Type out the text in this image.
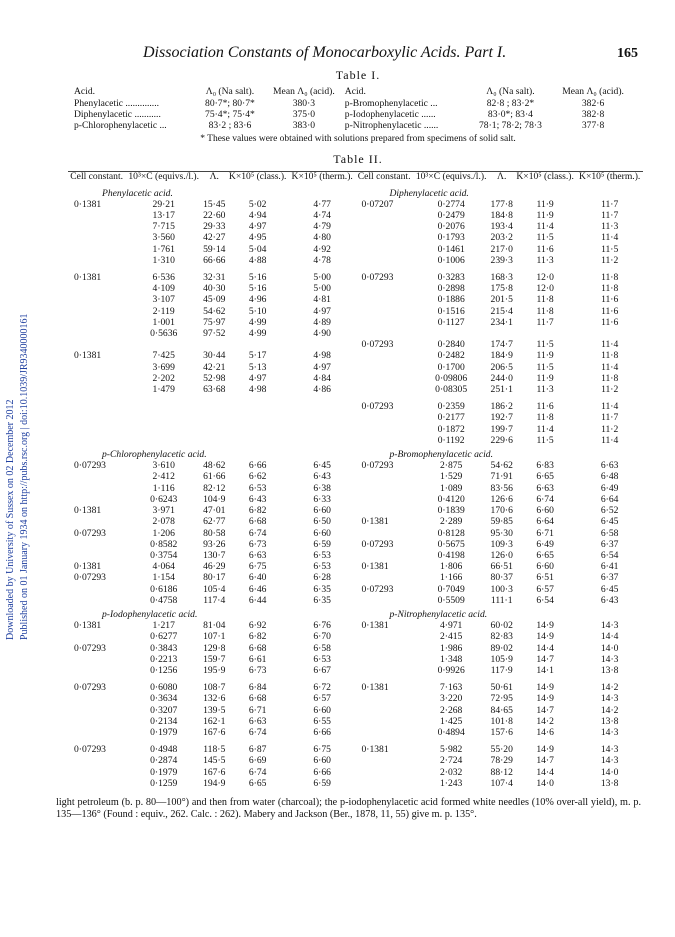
Downloaded by University of Sussex on 02 December 2012 Published on 01 January 1934 on http://pubs.rsc.org | doi:10.1039/JR9340000161
Dissociation Constants of Monocarboxylic Acids. Part I.	165
Table I.
Acid.	Λ₀ (Na salt).	Mean Λ₀ (acid).	Acid.	Λ₀ (Na salt).	Mean Λ₀ (acid).
Phenylacetic ..............	80·7*; 80·7*	380·3	p-Bromophenylacetic ...	82·8 ; 83·2*	382·6
Diphenylacetic ...........	75·4*; 75·4*	375·0	p-Iodophenylacetic ......	83·0*; 83·4	382·8
p-Chlorophenylacetic ...	83·2 ; 83·6	383·0	p-Nitrophenylacetic ......	78·1; 78·2; 78·3	377·8
* These values were obtained with solutions prepared from specimens of solid salt.
Table II.
Cell constant.	10³×C (equivs./l.).	Λ.	K×10⁵ (class.).	K×10⁵ (therm.).	Cell constant.	10³×C (equivs./l.).	Λ.	K×10⁵ (class.).	K×10⁵ (therm.).
Phenylacetic acid.					Diphenylacetic acid.				
0·1381	29·21	15·45	5·02	4·77	0·07207	0·2774	177·8	11·9	11·7
	13·17	22·60	4·94	4·74		0·2479	184·8	11·9	11·7
	7·715	29·33	4·97	4·79		0·2076	193·4	11·4	11·3
	3·560	42·27	4·95	4·80		0·1793	203·2	11·5	11·4
	1·761	59·14	5·04	4·92		0·1461	217·0	11·6	11·5
	1·310	66·66	4·88	4·78		0·1006	239·3	11·3	11·2

0·1381	6·536	32·31	5·16	5·00	0·07293	0·3283	168·3	12·0	11·8
	4·109	40·30	5·16	5·00		0·2898	175·8	12·0	11·8
	3·107	45·09	4·96	4·81		0·1886	201·5	11·8	11·6
	2·119	54·62	5·10	4·97		0·1516	215·4	11·8	11·6
	1·001	75·97	4·99	4·89		0·1127	234·1	11·7	11·6
	0·5636	97·52	4·99	4·90					
					0·07293	0·2840	174·7	11·5	11·4
0·1381	7·425	30·44	5·17	4·98		0·2482	184·9	11·9	11·8
	3·699	42·21	5·13	4·97		0·1700	206·5	11·5	11·4
	2·202	52·98	4·97	4·84		0·09806	244·0	11·9	11·8
	1·479	63·68	4·98	4·86		0·08305	251·1	11·3	11·2

					0·07293	0·2359	186·2	11·6	11·4
						0·2177	192·7	11·8	11·7
						0·1872	199·7	11·4	11·2
						0·1192	229·6	11·5	11·4
p-Chlorophenylacetic acid.					p-Bromophenylacetic acid.				
0·07293	3·610	48·62	6·66	6·45	0·07293	2·875	54·62	6·83	6·63
	2·412	61·66	6·62	6·43		1·529	71·91	6·65	6·48
	1·116	82·12	6·53	6·38		1·089	83·56	6·63	6·49
	0·6243	104·9	6·43	6·33		0·4120	126·6	6·74	6·64
0·1381	3·971	47·01	6·82	6·60		0·1839	170·6	6·60	6·52
	2·078	62·77	6·68	6·50	0·1381	2·289	59·85	6·64	6·45
0·07293	1·206	80·58	6·74	6·60		0·8128	95·30	6·71	6·58
	0·8582	93·26	6·73	6·59	0·07293	0·5675	109·3	6·49	6·37
	0·3754	130·7	6·63	6·53		0·4198	126·0	6·65	6·54
0·1381	4·064	46·29	6·75	6·53	0·1381	1·806	66·51	6·60	6·41
0·07293	1·154	80·17	6·40	6·28		1·166	80·37	6·51	6·37
	0·6186	105·4	6·46	6·35	0·07293	0·7049	100·3	6·57	6·45
	0·4758	117·4	6·44	6·35		0·5509	111·1	6·54	6·43
p-Iodophenylacetic acid.					p-Nitrophenylacetic acid.				
0·1381	1·217	81·04	6·92	6·76	0·1381	4·971	60·02	14·9	14·3
	0·6277	107·1	6·82	6·70		2·415	82·83	14·9	14·4
0·07293	0·3843	129·8	6·68	6·58		1·986	89·02	14·4	14·0
	0·2213	159·7	6·61	6·53		1·348	105·9	14·7	14·3
	0·1256	195·9	6·73	6·67		0·9926	117·9	14·1	13·8

0·07293	0·6080	108·7	6·84	6·72	0·1381	7·163	50·61	14·9	14·2
	0·3634	132·6	6·68	6·57		3·220	72·95	14·9	14·3
	0·3207	139·5	6·71	6·60		2·268	84·65	14·7	14·2
	0·2134	162·1	6·63	6·55		1·425	101·8	14·2	13·8
	0·1979	167·6	6·74	6·66		0·4894	157·6	14·6	14·3

0·07293	0·4948	118·5	6·87	6·75	0·1381	5·982	55·20	14·9	14·3
	0·2874	145·5	6·69	6·60		2·724	78·29	14·7	14·3
	0·1979	167·6	6·74	6·66		2·032	88·12	14·4	14·0
	0·1259	194·9	6·65	6·59		1·243	107·4	14·0	13·8
light petroleum (b. p. 80—100°) and then from water (charcoal); the p-iodophenylacetic acid formed white needles (10% over-all yield), m. p. 135—136° (Found : equiv., 262. Calc. : 262). Mabery and Jackson (Ber., 1878, 11, 55) give m. p. 135°.
